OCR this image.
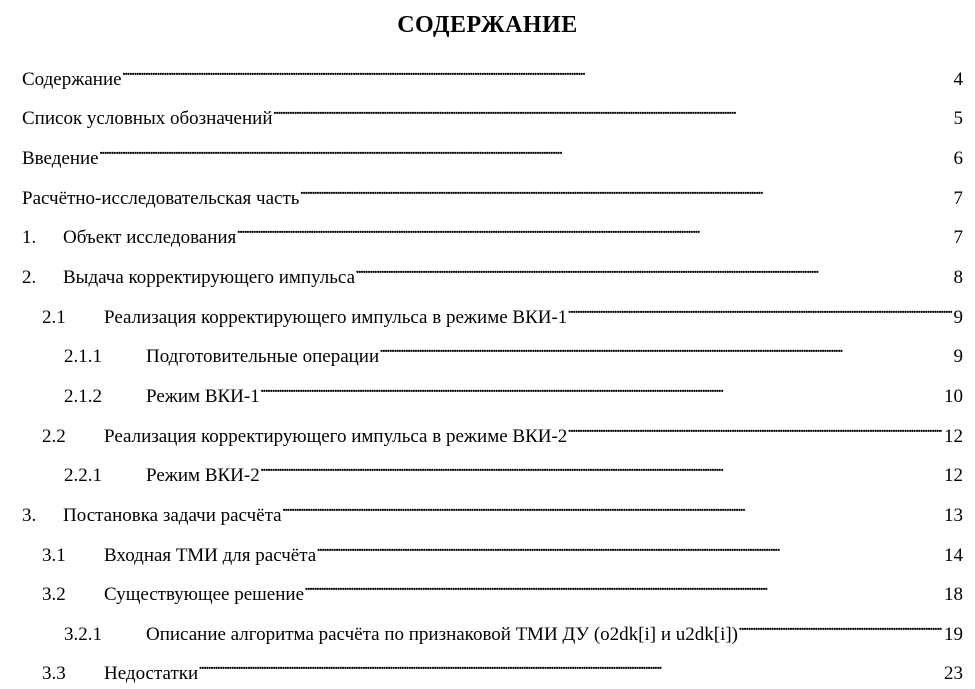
СОДЕРЖАНИЕ
Содержание . . .	4
Список условных обозначений . . .	5
Введение . . .	6
Расчётно-исследовательская часть . . .	7
1.	Объект исследования . . .	7
2.	Выдача корректирующего импульса . . .	8
2.1	Реализация корректирующего импульса в режиме ВКИ-1 . . .	9
2.1.1	Подготовительные операции . . .	9
2.1.2	Режим ВКИ-1 . . .	10
2.2	Реализация корректирующего импульса в режиме ВКИ-2 . . .	12
2.2.1	Режим ВКИ-2 . . .	12
3.	Постановка задачи расчёта . . .	13
3.1	Входная ТМИ для расчёта . . .	14
3.2	Существующее решение . . .	18
3.2.1	Описание алгоритма расчёта по признаковой ТМИ ДУ (o2dk[i] и u2dk[i]) . . .	19
3.3	Недостатки . . .	23
